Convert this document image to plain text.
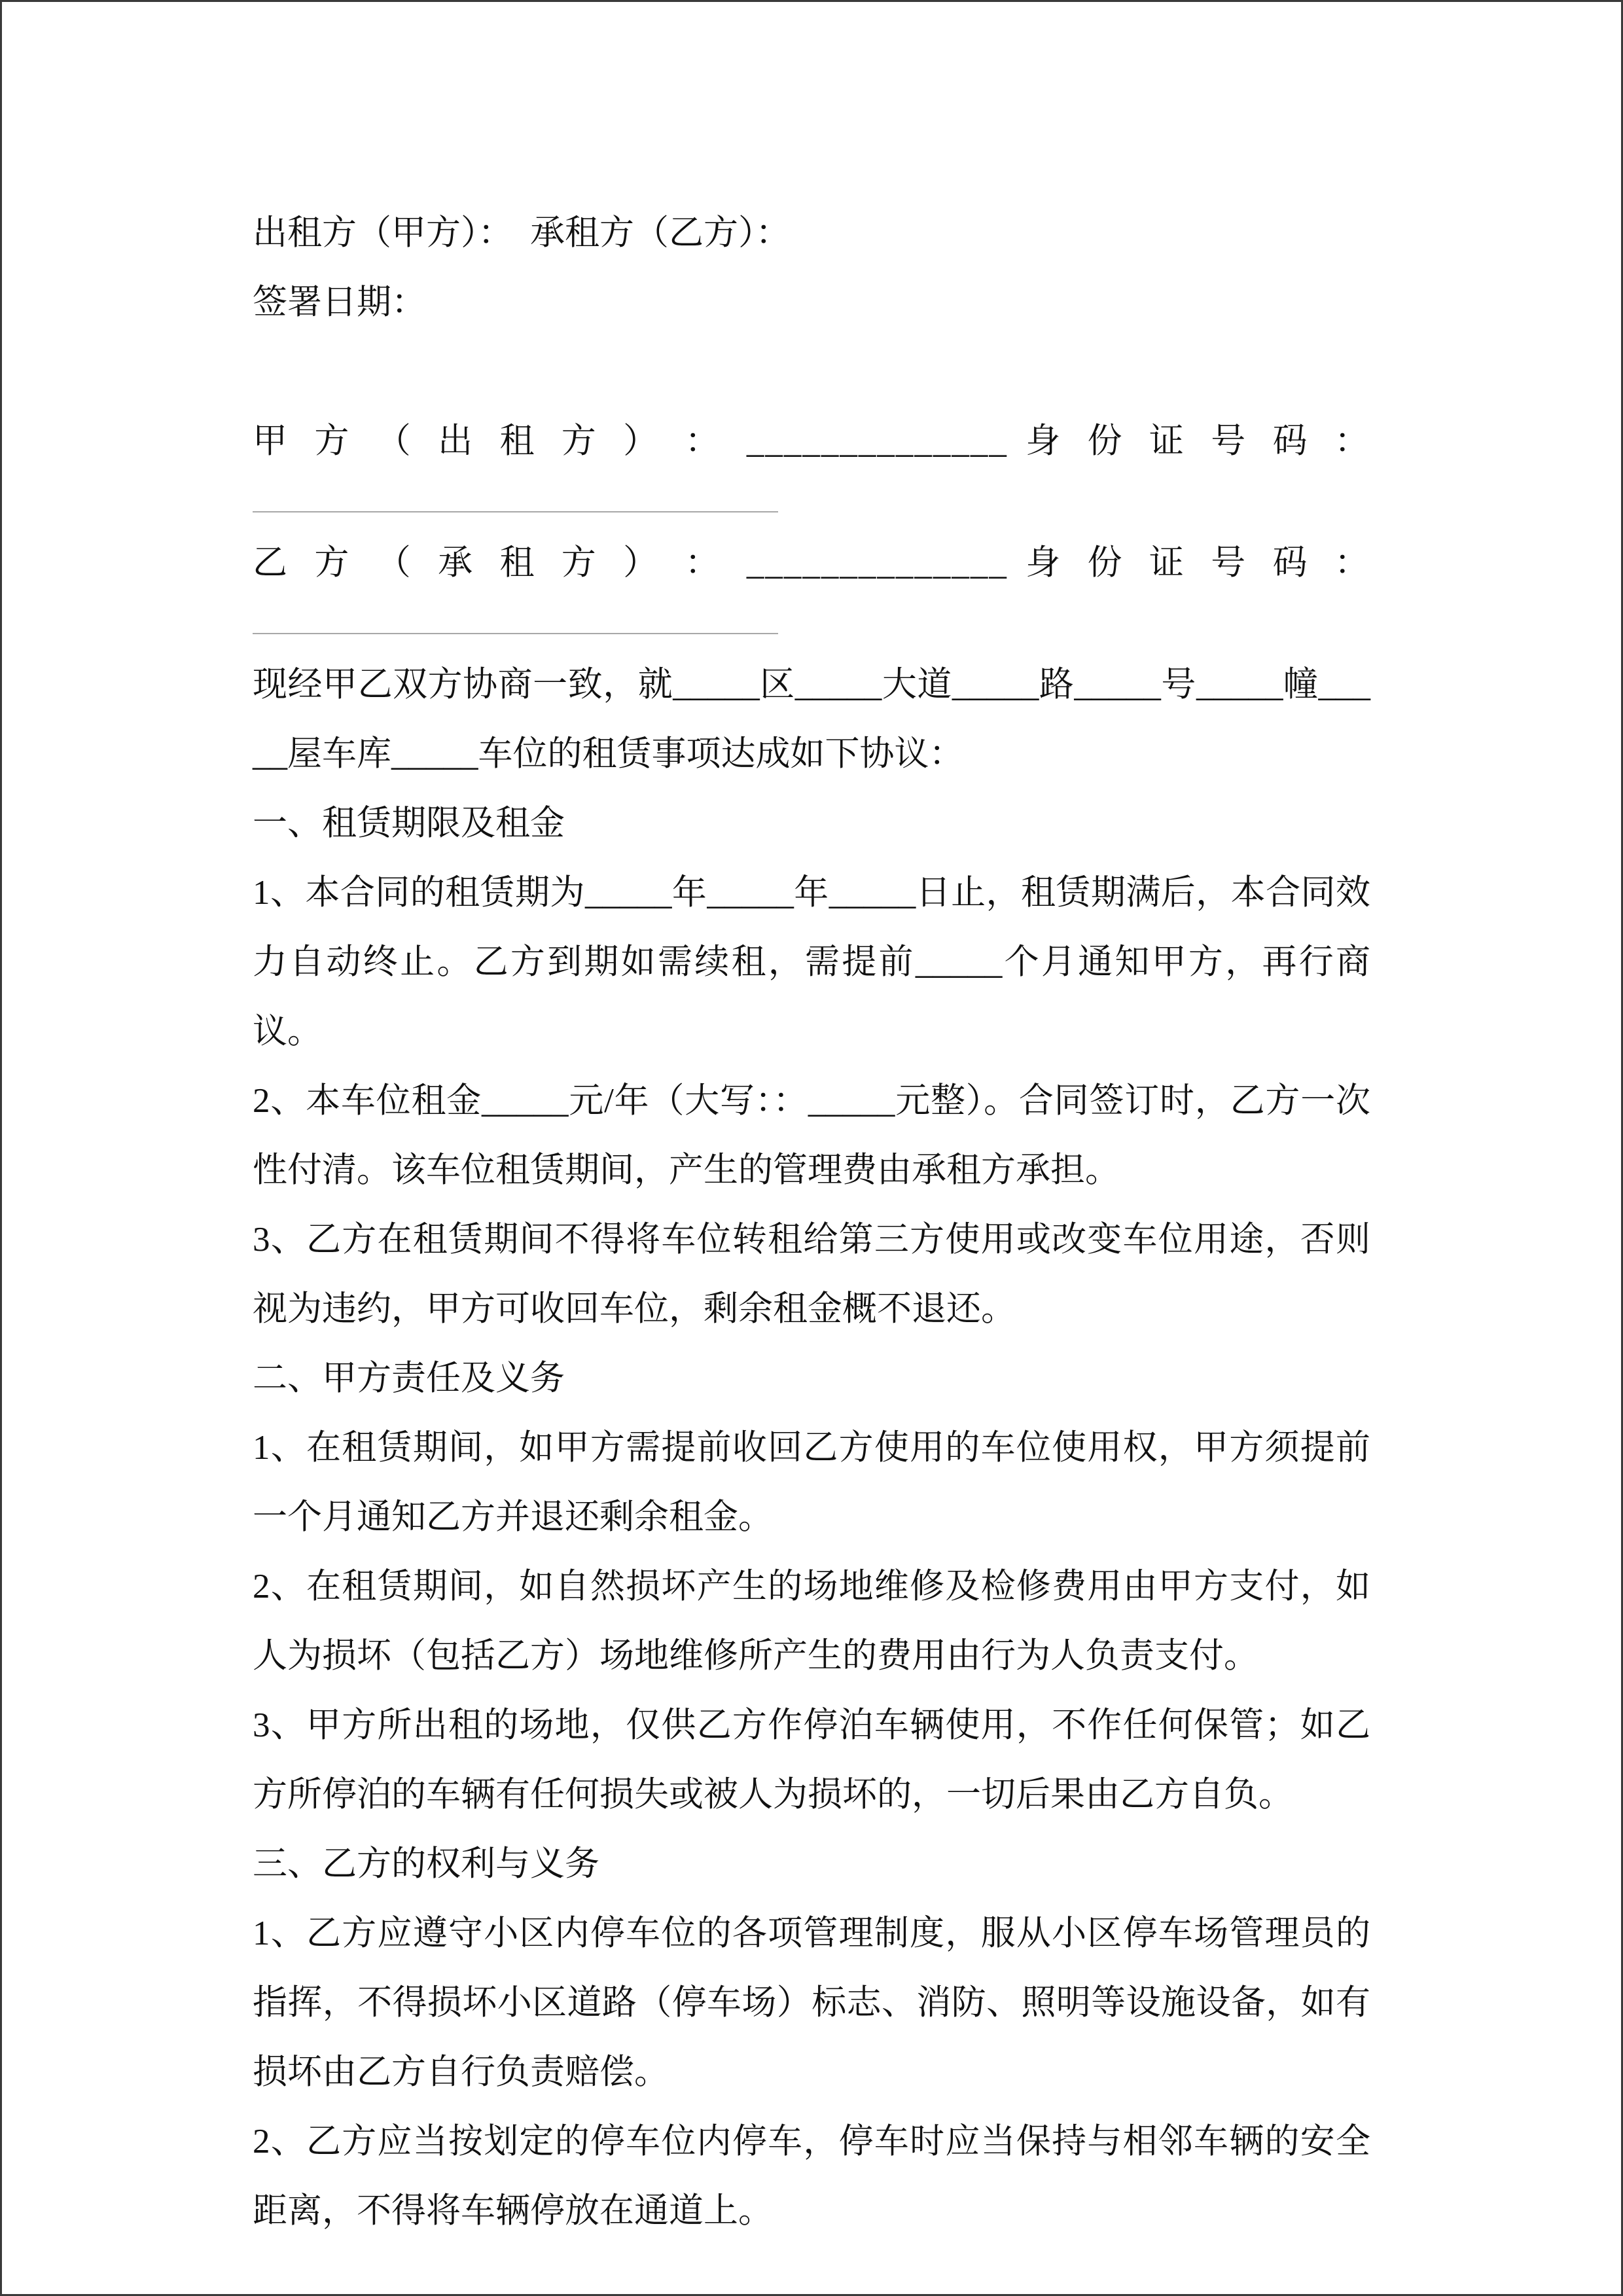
出租方（甲方）：　承租方（乙方）：

签署日期：

甲 方 （ 出 租 方 ） ： ______________ 身 份 证 号 码 ：

乙 方 （ 承 租 方 ） ： ______________ 身 份 证 号 码 ：

现经甲乙双方协商一致，就_____区_____大道_____路_____号_____幢_____屋车库_____车位的租赁事项达成如下协议：

一、租赁期限及租金

1、本合同的租赁期为_____年_____年_____日止，租赁期满后，本合同效力自动终止。乙方到期如需续租，需提前_____个月通知甲方，再行商议。

2、本车位租金_____元/年（大写：：_____元整）。合同签订时，乙方一次性付清。该车位租赁期间，产生的管理费由承租方承担。

3、乙方在租赁期间不得将车位转租给第三方使用或改变车位用途，否则视为违约，甲方可收回车位，剩余租金概不退还。

二、甲方责任及义务

1、在租赁期间，如甲方需提前收回乙方使用的车位使用权，甲方须提前一个月通知乙方并退还剩余租金。

2、在租赁期间，如自然损坏产生的场地维修及检修费用由甲方支付，如人为损坏（包括乙方）场地维修所产生的费用由行为人负责支付。

3、甲方所出租的场地，仅供乙方作停泊车辆使用，不作任何保管；如乙方所停泊的车辆有任何损失或被人为损坏的，一切后果由乙方自负。

三、乙方的权利与义务

1、乙方应遵守小区内停车位的各项管理制度，服从小区停车场管理员的指挥，不得损坏小区道路（停车场）标志、消防、照明等设施设备，如有损坏由乙方自行负责赔偿。

2、乙方应当按划定的停车位内停车，停车时应当保持与相邻车辆的安全距离，不得将车辆停放在通道上。
